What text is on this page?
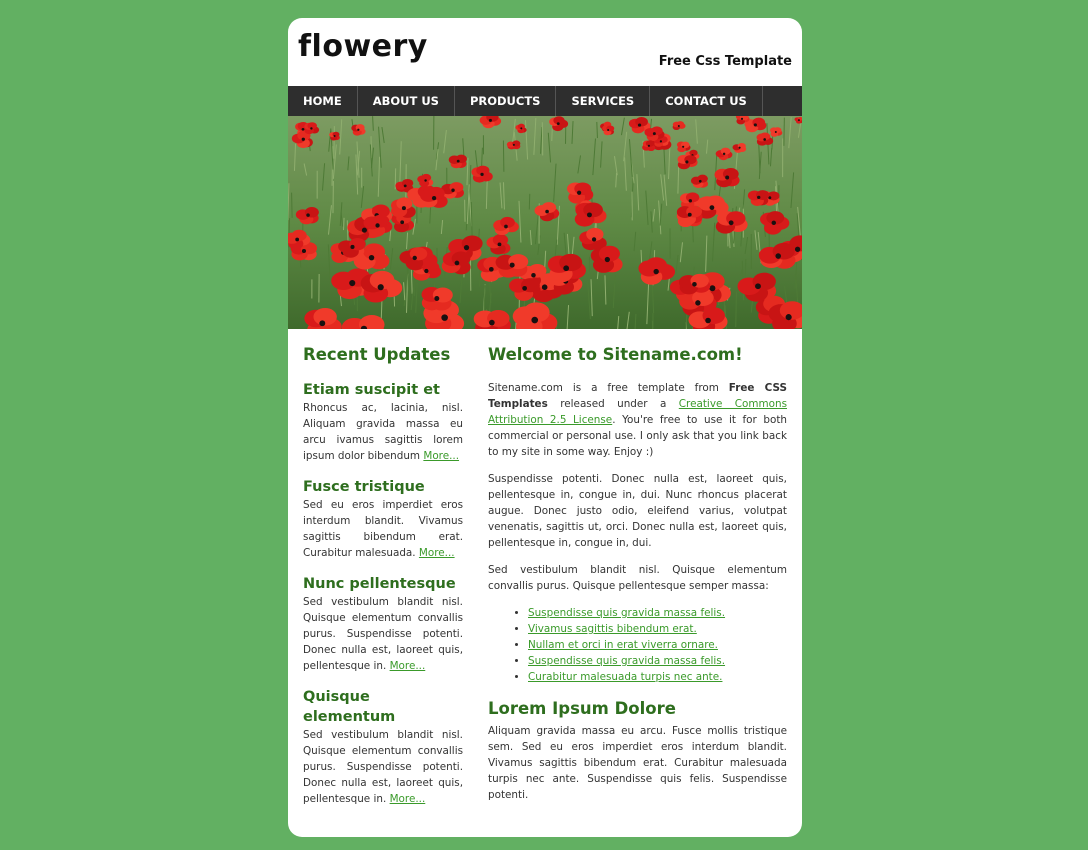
flowery	Free Css Template
HOME	ABOUT US	PRODUCTS	SERVICES	CONTACT US
Recent Updates
Etiam suscipit et

Rhoncus ac, lacinia, nisl. Aliquam gravida massa eu arcu ivamus sagittis lorem ipsum dolor bibendum More...

Fusce tristique

Sed eu eros imperdiet eros interdum blandit. Vivamus sagittis bibendum erat. Curabitur malesuada. More...

Nunc pellentesque

Sed vestibulum blandit nisl. Quisque elementum convallis purus. Suspendisse potenti. Donec nulla est, laoreet quis, pellentesque in. More...

Quisque elementum

Sed vestibulum blandit nisl. Quisque elementum convallis purus. Suspendisse potenti. Donec nulla est, laoreet quis, pellentesque in. More...

Welcome to Sitename.com!

Sitename.com is a free template from Free CSS Templates released under a Creative Commons Attribution 2.5 License. You're free to use it for both commercial or personal use. I only ask that you link back to my site in some way. Enjoy :)

Suspendisse potenti. Donec nulla est, laoreet quis, pellentesque in, congue in, dui. Nunc rhoncus placerat augue. Donec justo odio, eleifend varius, volutpat venenatis, sagittis ut, orci. Donec nulla est, laoreet quis, pellentesque in, congue in, dui.

Sed vestibulum blandit nisl. Quisque elementum convallis purus. Quisque pellentesque semper massa:

• Suspendisse quis gravida massa felis.
• Vivamus sagittis bibendum erat.
• Nullam et orci in erat viverra ornare.
• Suspendisse quis gravida massa felis.
• Curabitur malesuada turpis nec ante.
Lorem Ipsum Dolore

Aliquam gravida massa eu arcu. Fusce mollis tristique sem. Sed eu eros imperdiet eros interdum blandit. Vivamus sagittis bibendum erat. Curabitur malesuada turpis nec ante. Suspendisse quis felis. Suspendisse potenti.
